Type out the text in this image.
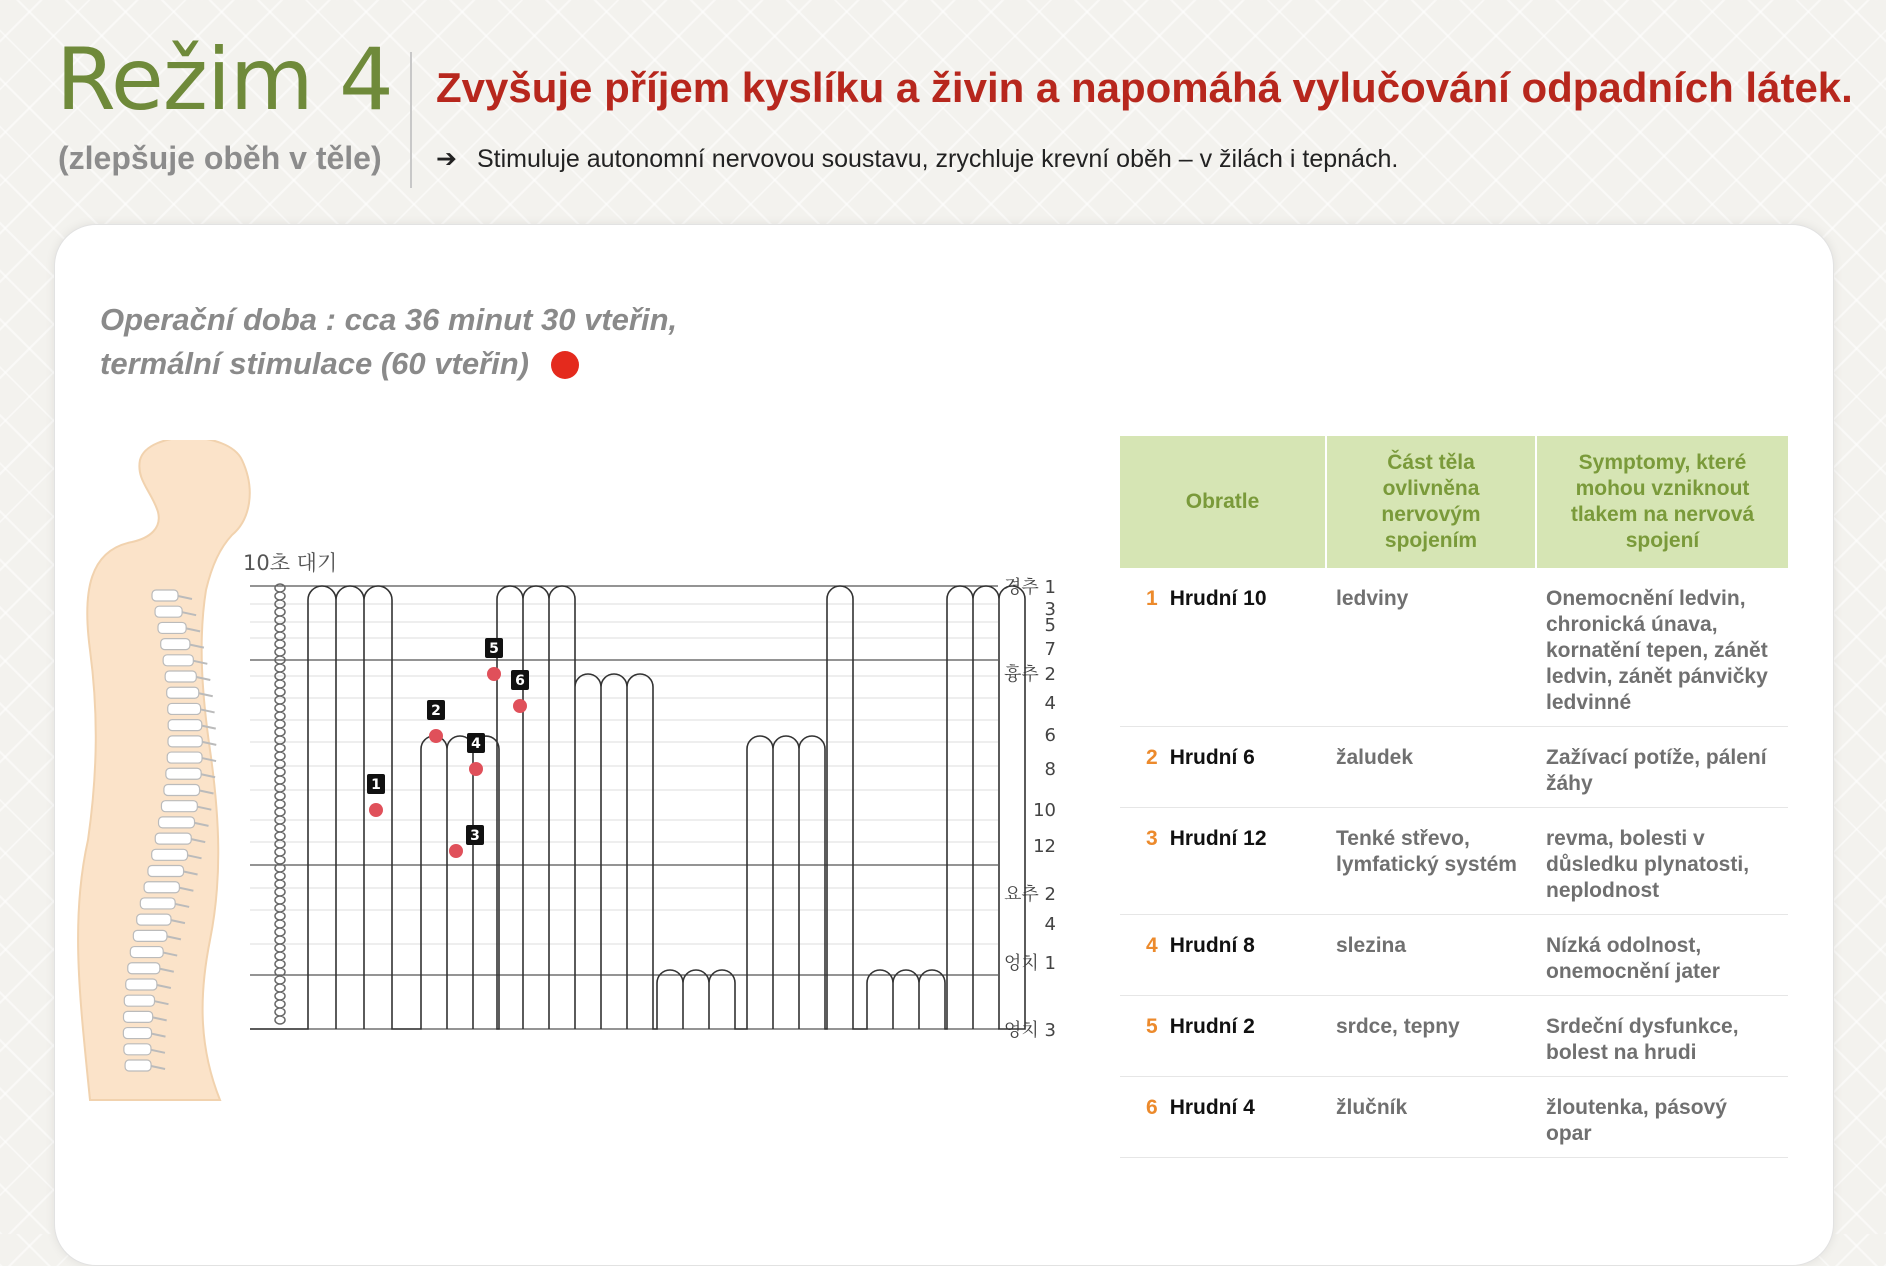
Režim 4
(zlepšuje oběh v těle)
Zvyšuje příjem kyslíku a živin a napomáhá vylučování odpadních látek.
➔ Stimuluje autonomní nervovou soustavu, zrychluje krevní oběh – v žilách i tepnách.
Operační doba : cca 36 minut 30 vteřin,
termální stimulace (60 vteřin)
10초 대기
경추 1
3
5
7
흉추 2
4
6
8
10
12
요추 2
4
엉치 1
엉치 3
1
2
3
4
5
6
Obratle	Část těla ovlivněna nervovým spojením	Symptomy, které mohou vzniknout tlakem na nervová spojení
1 Hrudní 10	ledviny	Onemocnění ledvin, chronická únava, kornatění tepen, zánět ledvin, zánět pánvičky ledvinné
2 Hrudní 6	žaludek	Zažívací potíže, pálení žáhy
3 Hrudní 12	Tenké střevo, lymfatický systém	revma, bolesti v důsledku plynatosti, neplodnost
4 Hrudní 8	slezina	Nízká odolnost, onemocnění jater
5 Hrudní 2	srdce, tepny	Srdeční dysfunkce, bolest na hrudi
6 Hrudní 4	žlučník	žloutenka, pásový opar
